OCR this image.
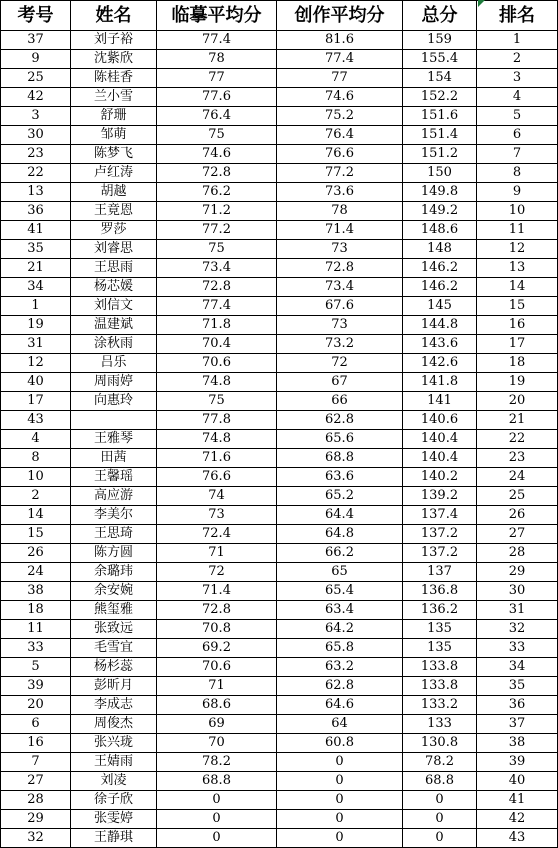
考号	姓名	临摹平均分	创作平均分	总分	排名
37	刘子裕	77.4	81.6	159	1
9	沈紫欣	78	77.4	155.4	2
25	陈桂香	77	77	154	3
42	兰小雪	77.6	74.6	152.2	4
3	舒珊	76.4	75.2	151.6	5
30	邹萌	75	76.4	151.4	6
23	陈梦飞	74.6	76.6	151.2	7
22	卢红涛	72.8	77.2	150	8
13	胡越	76.2	73.6	149.8	9
36	王竟恩	71.2	78	149.2	10
41	罗莎	77.2	71.4	148.6	11
35	刘睿思	75	73	148	12
21	王思雨	73.4	72.8	146.2	13
34	杨芯媛	72.8	73.4	146.2	14
1	刘信文	77.4	67.6	145	15
19	温建斌	71.8	73	144.8	16
31	涂秋雨	70.4	73.2	143.6	17
12	吕乐	70.6	72	142.6	18
40	周雨婷	74.8	67	141.8	19
17	向惠玲	75	66	141	20
43		77.8	62.8	140.6	21
4	王雅琴	74.8	65.6	140.4	22
8	田茜	71.6	68.8	140.4	23
10	王馨瑶	76.6	63.6	140.2	24
2	高应游	74	65.2	139.2	25
14	李美尔	73	64.4	137.4	26
15	王思琦	72.4	64.8	137.2	27
26	陈方圆	71	66.2	137.2	28
24	余璐玮	72	65	137	29
38	余安婉	71.4	65.4	136.8	30
18	熊玺雅	72.8	63.4	136.2	31
11	张致远	70.8	64.2	135	32
33	毛雪宜	69.2	65.8	135	33
5	杨杉蕊	70.6	63.2	133.8	34
39	彭昕月	71	62.8	133.8	35
20	李成志	68.6	64.6	133.2	36
6	周俊杰	69	64	133	37
16	张兴珑	70	60.8	130.8	38
7	王婧雨	78.2	0	78.2	39
27	刘凌	68.8	0	68.8	40
28	徐子欣	0	0	0	41
29	张雯婷	0	0	0	42
32	王静琪	0	0	0	43
